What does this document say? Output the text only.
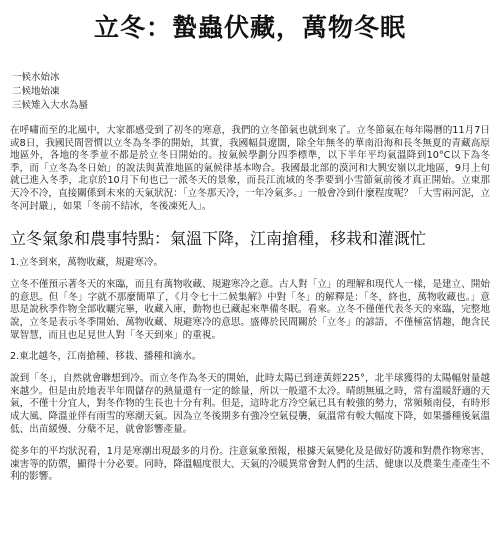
立冬：蟄蟲伏藏，萬物冬眠
一候水始冰
二候地始凍
三候雉入大水為蜃

在呼嘯而至的北風中，大家都感受到了初冬的寒意，我們的立冬節氣也就到來了。立冬節氣在每年陽曆的11月7日或8日，我國民間習慣以立冬為冬季的開始，其實，我國幅員遼闊，除全年無冬的華南沿海和長冬無夏的青藏高原地區外，各地的冬季並不都是於立冬日開始的。按氣候學劃分四季標準，以下半年平均氣溫降到10°C以下為冬季，而「立冬為冬日始」的說法與黃淮地區的氣候律基本吻合。我國最北部的漠河和大興安嶺以北地區，9月上旬就已進入冬季，北京於10月下旬也已一派冬天的景象，而長江流域的冬季要到小雪節氣前後才真正開始。立東那天冷不冷，直接關係到未來的天氣狀況：「立冬那天冷，一年冷氣多。」一般會冷到什麼程度呢？「大雪兩河泥，立冬河封嚴」，如果「冬前不結冰，冬後凍死人」。

立冬氣象和農事特點：氣溫下降，江南搶種，移栽和灌溉忙

1.立冬到來，萬物收藏，規避寒冷。

立冬不僅預示著冬天的來臨，而且有萬物收藏、規避寒冷之意。古人對「立」的理解和現代人一樣，是建立、開始的意思。但「冬」字就不那麼簡單了，《月令七十二候集解》中對「冬」的解釋是：「冬，終也，萬物收藏也。」意思是說秋季作物全部收曬完畢，收藏入庫，動物也已藏起來準備冬眠。看來。立冬不僅僅代表冬天的來臨，完整地說，立冬是表示冬季開始、萬物收藏、規避寒冷的意思。盛傳於民間關於「立冬」的諺語，不僅極富情趣，飽含民眾智慧，而且也足見世人對「冬天到來」的重視。

2.東北越冬，江南搶種、移栽、播種和滴水。

說到「冬」，自然就會聯想到冷。而立冬作為冬天的開始，此時太陽已到達黃經225°，北半球獲得的太陽輻射量越來越少。但是由於地表半年間儲存的熱量還有一定的餘量，所以一般還不太冷。晴朗無風之時，常有溫暖舒適的天氣，不僅十分宜人，對冬作物的生長也十分有利。但是，這時北方冷空氣已具有較強的勢力，常頻頻南侵，有時形成大風、降溫並伴有雨雪的寒潮天氣。因為立冬後期多有強冷空氣侵襲，氣溫常有較大幅度下降，如果播種後氣溫低、出苗緩慢、分蘖不足，就會影響產量。

從多年的平均狀況看，1月是寒潮出現最多的月份。注意氣象預報，根據天氣變化及是做好防護和對農作物寒害、凍害等的防禦，顯得十分必要。同時，降溫幅度很大、天氣的冷暖異常會對人們的生活、健康以及農業生產產生不利的影響。
